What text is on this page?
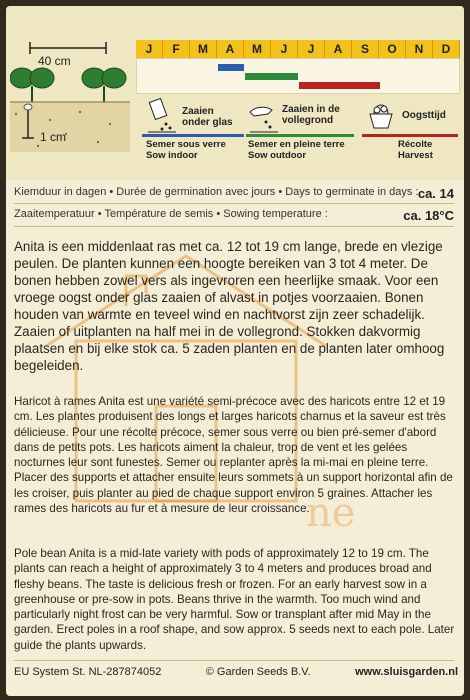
ne
40 cm
1 cm
J	F	M	A	M	J	J	A	S	O	N	D
Zaaien onder glas
Semer sous verre Sow indoor
Zaaien in de vollegrond
Semer en pleine terre Sow outdoor
Oogsttijd
Récolte Harvest
Kiemduur in dagen • Durée de germination avec jours • Days to germinate in days : ca. 14
Zaaitemperatuur • Température de semis • Sowing temperature :	ca. 18°C
Anita is een middenlaat ras met ca. 12 tot 19 cm lange, brede en vlezige peulen. De planten kunnen een hoogte bereiken van 3 tot 4 meter. De bonen hebben zowel vers als ingevroren een heerlijke smaak. Voor een vroege oogst onder glas zaaien of alvast in potjes voorzaaien. Bonen houden van warmte en teveel wind en nachtvorst zijn zeer schadelijk. Zaaien of uitplanten na half mei in de vollegrond. Stokken dakvormig plaatsen en bij elke stok ca. 5 zaden planten en de planten later omhoog begeleiden.
Haricot à rames Anita est une variété semi-précoce avec des haricots entre 12 et 19 cm. Les plantes produisent des longs et larges haricots charnus et la saveur est très délicieuse. Pour une récolte précoce, semer sous verre ou bien pré-semer d'abord dans de petits pots. Les haricots aiment la chaleur, trop de vent et les gelées nocturnes leur sont funestes. Semer ou replanter après la mi-mai en pleine terre. Placer des supports et attacher ensuite leurs sommets à un support horizontal afin de les croiser, puis planter au pied de chaque support environ 5 graines. Attacher les rames des haricots au fur et à mesure de leur croissance.
Pole bean Anita is a mid-late variety with pods of approximately 12 to 19 cm. The plants can reach a height of approximately 3 to 4 meters and produces broad and fleshy beans. The taste is delicious fresh or frozen. For an early harvest sow in a greenhouse or pre-sow in pots. Beans thrive in the warmth. Too much wind and particularly night frost can be very harmful. Sow or transplant after mid May in the garden. Erect poles in a roof shape, and sow approx. 5 seeds next to each pole. Later guide the plants upwards.
EU System St. NL-287874052	© Garden Seeds B.V.	www.sluisgarden.nl
